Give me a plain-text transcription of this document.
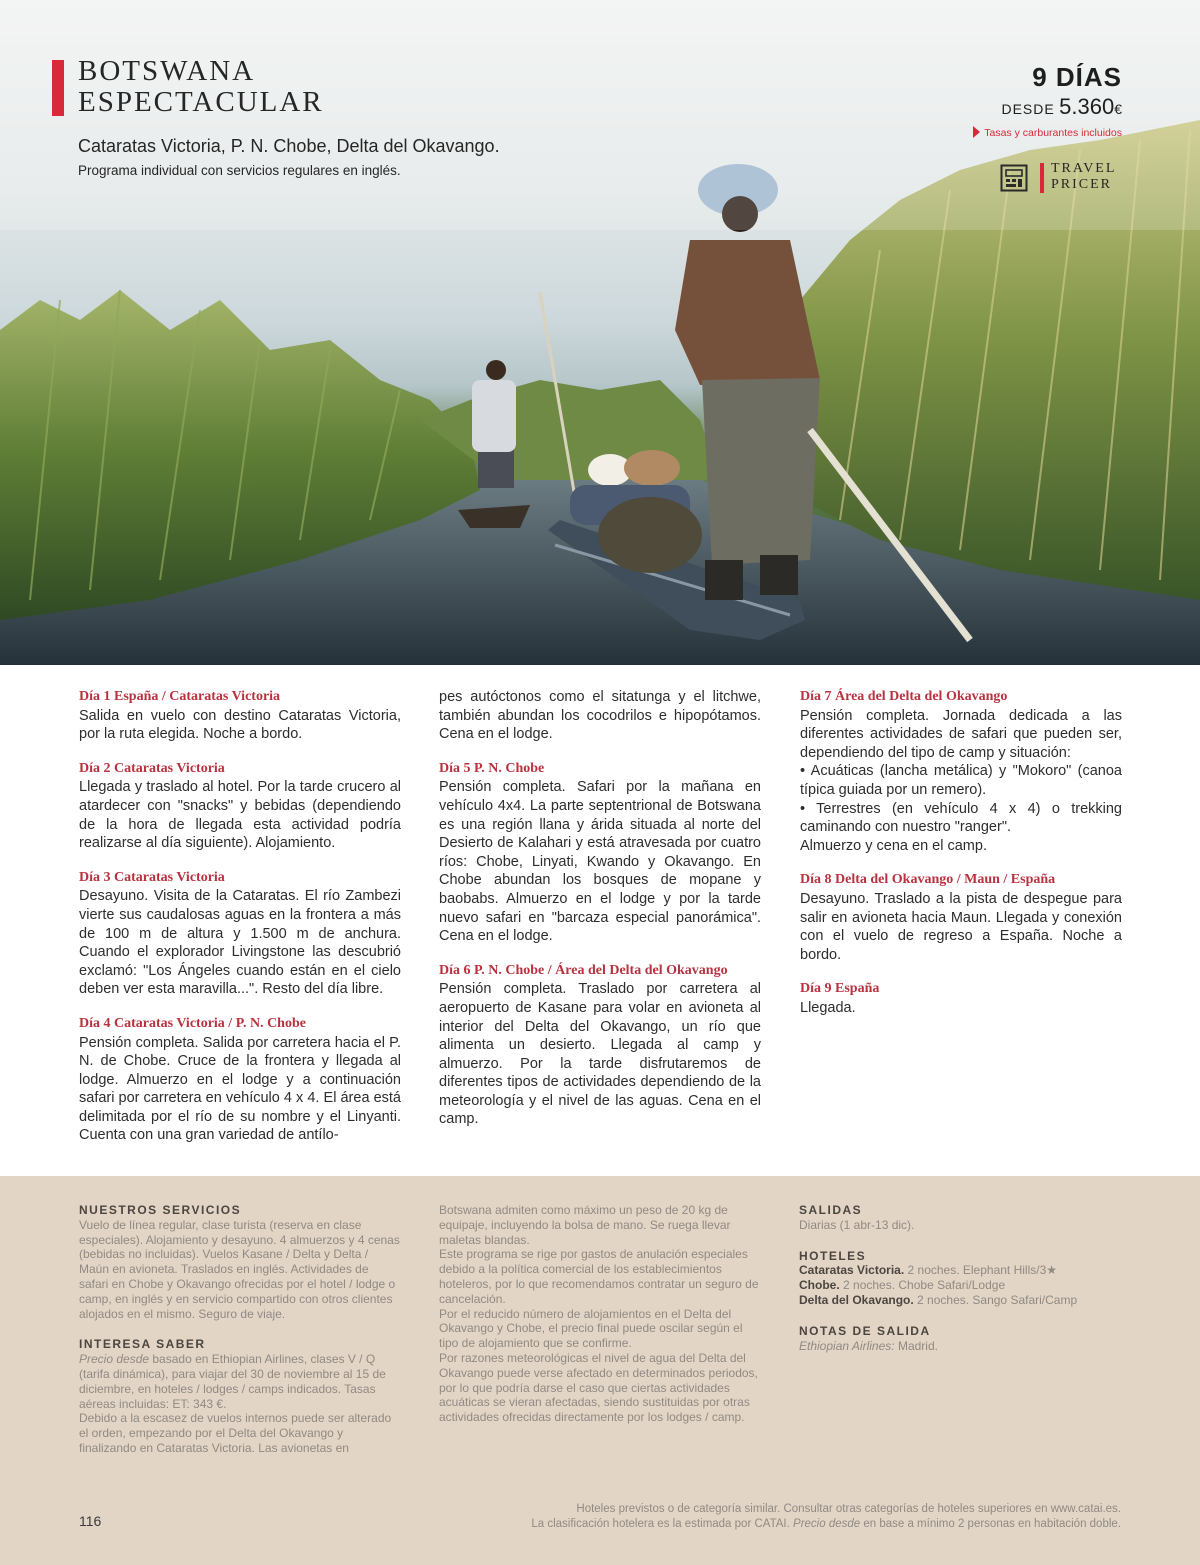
BOTSWANA
ESPECTACULAR
Cataratas Victoria, P. N. Chobe, Delta del Okavango.
Programa individual con servicios regulares en inglés.
9 DÍAS
DESDE 5.360€
Tasas y carburantes incluidos
TRAVEL
PRICER
Día 1 España / Cataratas Victoria

Salida en vuelo con destino Cataratas Victoria, por la ruta elegida. Noche a bordo.

Día 2 Cataratas Victoria

Llegada y traslado al hotel. Por la tarde crucero al atardecer con "snacks" y bebidas (dependiendo de la hora de llegada esta actividad podría realizarse al día siguiente). Alojamiento.

Día 3 Cataratas Victoria

Desayuno. Visita de la Cataratas. El río Zambezi vierte sus caudalosas aguas en la frontera a más de 100 m de altura y 1.500 m de anchura. Cuando el explorador Livingstone las descubrió exclamó: "Los Ángeles cuando están en el cielo deben ver esta maravilla...". Resto del día libre.

Día 4 Cataratas Victoria / P. N. Chobe

Pensión completa. Salida por carretera hacia el P. N. de Chobe. Cruce de la frontera y llegada al lodge. Almuerzo en el lodge y a continuación safari por carretera en vehículo 4 x 4. El área está delimitada por el río de su nombre y el Linyanti. Cuenta con una gran variedad de antílo-

pes autóctonos como el sitatunga y el litchwe, también abundan los cocodrilos e hipopótamos. Cena en el lodge.

Día 5 P. N. Chobe

Pensión completa. Safari por la mañana en vehículo 4x4. La parte septentrional de Botswana es una región llana y árida situada al norte del Desierto de Kalahari y está atravesada por cuatro ríos: Chobe, Linyati, Kwando y Okavango. En Chobe abundan los bosques de mopane y baobabs. Almuerzo en el lodge y por la tarde nuevo safari en "barcaza especial panorámica". Cena en el lodge.

Día 6 P. N. Chobe / Área del Delta del Okavango

Pensión completa. Traslado por carretera al aeropuerto de Kasane para volar en avioneta al interior del Delta del Okavango, un río que alimenta un desierto. Llegada al camp y almuerzo. Por la tarde disfrutaremos de diferentes tipos de actividades dependiendo de la meteorología y el nivel de las aguas. Cena en el camp.

Día 7 Área del Delta del Okavango

Pensión completa. Jornada dedicada a las diferentes actividades de safari que pueden ser, dependiendo del tipo de camp y situación:

• Acuáticas (lancha metálica) y "Mokoro" (canoa típica guiada por un remero).

• Terrestres (en vehículo 4 x 4) o trekking caminando con nuestro "ranger".

Almuerzo y cena en el camp.

Día 8 Delta del Okavango / Maun / España

Desayuno. Traslado a la pista de despegue para salir en avioneta hacia Maun. Llegada y conexión con el vuelo de regreso a España. Noche a bordo.

Día 9 España

Llegada.

NUESTROS SERVICIOS

Vuelo de línea regular, clase turista (reserva en clase especiales). Alojamiento y desayuno. 4 almuerzos y 4 cenas (bebidas no incluidas). Vuelos Kasane / Delta y Delta / Maún en avioneta. Traslados en inglés. Actividades de safari en Chobe y Okavango ofrecidas por el hotel / lodge o camp, en inglés y en servicio compartido con otros clientes alojados en el mismo. Seguro de viaje.

INTERESA SABER

Precio desde basado en Ethiopian Airlines, clases V / Q (tarifa dinámica), para viajar del 30 de noviembre al 15 de diciembre, en hoteles / lodges / camps indicados. Tasas aéreas incluidas: ET: 343 €.

Debido a la escasez de vuelos internos puede ser alterado el orden, empezando por el Delta del Okavango y finalizando en Cataratas Victoria. Las avionetas en

Botswana admiten como máximo un peso de 20 kg de equipaje, incluyendo la bolsa de mano. Se ruega llevar maletas blandas.

Este programa se rige por gastos de anulación especiales debido a la política comercial de los establecimientos hoteleros, por lo que recomendamos contratar un seguro de cancelación.

Por el reducido número de alojamientos en el Delta del Okavango y Chobe, el precio final puede oscilar según el tipo de alojamiento que se confirme.

Por razones meteorológicas el nivel de agua del Delta del Okavango puede verse afectado en determinados periodos, por lo que podría darse el caso que ciertas actividades acuáticas se vieran afectadas, siendo sustituidas por otras actividades ofrecidas directamente por los lodges / camp.

SALIDAS

Diarias (1 abr-13 dic).

HOTELES

Cataratas Victoria. 2 noches. Elephant Hills/3★

Chobe. 2 noches. Chobe Safari/Lodge

Delta del Okavango. 2 noches. Sango Safari/Camp

NOTAS DE SALIDA

Ethiopian Airlines: Madrid.

116
Hoteles previstos o de categoría similar. Consultar otras categorías de hoteles superiores en www.catai.es.
La clasificación hotelera es la estimada por CATAI. Precio desde en base a mínimo 2 personas en habitación doble.
